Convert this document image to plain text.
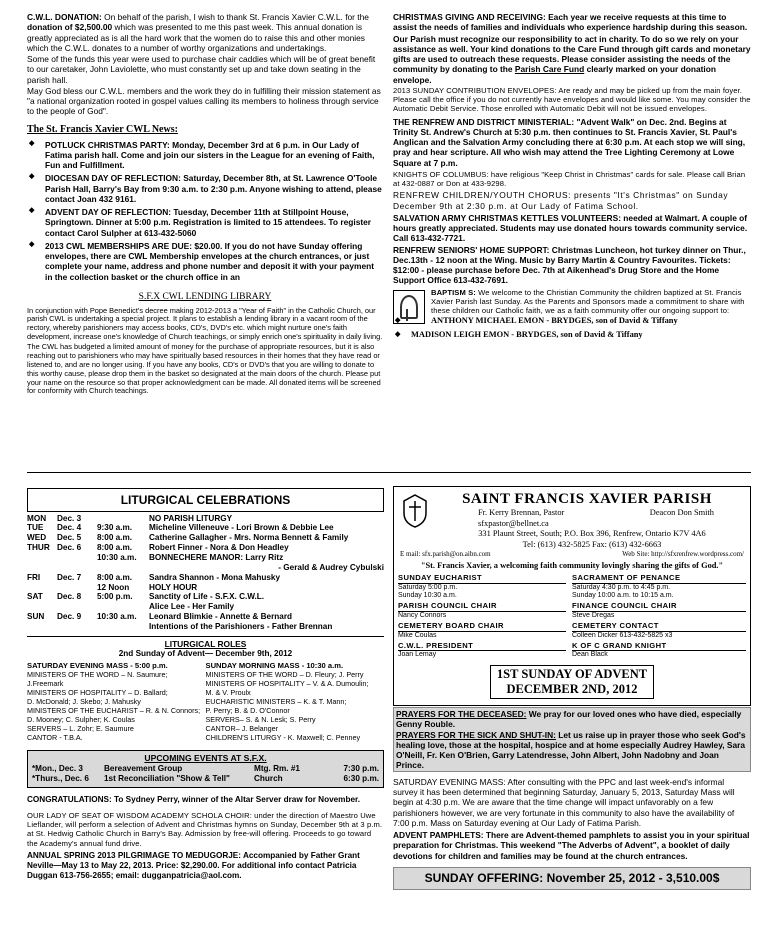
C.W.L. DONATION: On behalf of the parish, I wish to thank St. Francis Xavier C.W.L. for the donation of $2,500.00 which was presented to me this past week. This annual donation is greatly appreciated as is all the hard work that the women do to raise this and other monies which the C.W.L. donates to a number of worthy organizations and undertakings.

Some of the funds this year were used to purchase chair caddies which will be of great benefit to our caretaker, John Laviolette, who must constantly set up and take down seating in the parish hall.

May God bless our C.W.L. members and the work they do in fulfilling their mission statement as "a national organization rooted in gospel values calling its members to holiness through service to the people of God".

The St. Francis Xavier CWL News:
◆ POTLUCK CHRISTMAS PARTY: Monday, December 3rd at 6 p.m. in Our Lady of Fatima parish hall. Come and join our sisters in the League for an evening of Faith, Fun and Fulfillment.
◆ DIOCESAN DAY OF REFLECTION: Saturday, December 8th, at St. Lawrence O'Toole Parish Hall, Barry's Bay from 9:30 a.m. to 2:30 p.m. Anyone wishing to attend, please contact Joan 432 9161.
◆ ADVENT DAY OF REFLECTION: Tuesday, December 11th at Stillpoint House, Springtown. Dinner at 5:00 p.m. Registration is limited to 15 attendees. To register contact Carol Sulpher at 613-432-5060
◆ 2013 CWL MEMBERSHIPS ARE DUE: $20.00. If you do not have Sunday offering envelopes, there are CWL Membership envelopes at the church entrances, or just complete your name, address and phone number and deposit it with your payment in the collection basket or the church office in an
S.F.X CWL LENDING LIBRARY

In conjunction with Pope Benedict's decree making 2012-2013 a "Year of Faith" in the Catholic Church, our parish CWL is undertaking a special project. It plans to establish a lending library in a vacant room of the rectory, whereby parishioners may access books, CD's, DVD's etc. which might nurture one's faith development, increase one's knowledge of Church teachings, or simply enrich one's spirituality in daily living.

The CWL has budgeted a limited amount of money for the purchase of appropriate resources, but it is also reaching out to parishioners who may have spiritually based resources in their homes that they have read or listened to, and are no longer using. If you have any books, CD's or DVD's that you are willing to donate to this worthy cause, please drop them in the basket so designated at the main doors of the church. Please put your name on the resource so that proper acknowledgment can be made. All donated items will be screened for conformity with Church teachings.

CHRISTMAS GIVING AND RECEIVING: Each year we receive requests at this time to assist the needs of families and individuals who experience hardship during this season.

Our Parish must recognize our responsibility to act in charity. To do so we rely on your assistance as well. Your kind donations to the Care Fund through gift cards and monetary gifts are used to outreach these requests. Please consider assisting the needs of the community by donating to the Parish Care Fund clearly marked on your donation envelope.

2013 SUNDAY CONTRIBUTION ENVELOPES: Are ready and may be picked up from the main foyer. Please call the office if you do not currently have envelopes and would like some. You may consider the Automatic Debit Service. Those enrolled with Automatic Debit will not be issued envelopes.

THE RENFREW AND DISTRICT MINISTERIAL: "Advent Walk" on Dec. 2nd. Begins at Trinity St. Andrew's Church at 5:30 p.m. then continues to St. Francis Xavier, St. Paul's Anglican and the Salvation Army concluding there at 6:30 p.m. At each stop we will sing, pray and hear scripture. All who wish may attend the Tree Lighting Ceremony at Lowe Square at 7 p.m.

KNIGHTS OF COLUMBUS: have religious "Keep Christ in Christmas" cards for sale. Please call Brian at 432-0887 or Don at 433-9298.

RENFREW CHILDREN/YOUTH CHORUS: presents "It's Christmas" on Sunday December 9th at 2:30 p.m. at Our Lady of Fatima School.

SALVATION ARMY CHRISTMAS KETTLES VOLUNTEERS: needed at Walmart. A couple of hours greatly appreciated. Students may use donated hours towards community service. Call 613-432-7721.

RENFREW SENIORS' HOME SUPPORT: Christmas Luncheon, hot turkey dinner on Thur., Dec.13th - 12 noon at the Wing. Music by Barry Martin & Country Favourites. Tickets: $12:00 - please purchase before Dec. 7th at Aikenhead's Drug Store and the Home Support Office 613-432-7691.

BAPTISM S: We welcome to the Christian Community the children baptized at St. Francis Xavier Parish last Sunday. As the Parents and Sponsors made a commitment to share with these children our Catholic faith, we as a faith community offer our ongoing support to:

◆ ANTHONY MICHAEL EMON - BRYDGES, son of David & Tiffany
◆ MADISON LEIGH EMON - BRYDGES, son of David & Tiffany
LITURGICAL CELEBRATIONS
MON	Dec. 3	NO PARISH LITURGY
TUE	Dec. 4	9:30 a.m.	Micheline Villeneuve - Lori Brown & Debbie Lee
WED	Dec. 5	8:00 a.m.	Catherine Gallagher - Mrs. Norma Bennett & Family
THUR Dec. 6	8:00 a.m.	Robert Finner - Nora & Don Headley
10:30 a.m.	BONNECHERE MANOR: Larry Ritz
- Gerald & Audrey Cybulski
FRI	Dec. 7	8:00 a.m.	Sandra Shannon - Mona Mahusky
12 Noon	HOLY HOUR
SAT	Dec. 8	5:00 p.m.	Sanctity of Life - S.F.X. C.W.L.
Alice Lee - Her Family
SUN	Dec. 9	10:30 a.m.	Leonard Blimkie - Annette & Bernard
Intentions of the Parishioners - Father Brennan
LITURGICAL ROLES
2nd Sunday of Advent— December 9th, 2012
SATURDAY EVENING MASS - 5:00 p.m.
MINISTERS OF THE WORD – N. Saumure; J.Freemark
MINISTERS OF HOSPITALITY – D. Ballard;
D. McDonald; J. Skebo; J. Mahusky
MINISTERS OF THE EUCHARIST – R. & N. Connors;
D. Mooney; C. Sulpher; K. Coulas
SERVERS – L. Zohr; E. Saumure
CANTOR - T.B.A.
SUNDAY MORNING MASS - 10:30 a.m.
MINISTERS OF THE WORD – D. Fleury; J. Perry
MINISTERS OF HOSPITALITY – V. & A. Dumoulin;
M. & V. Proulx
EUCHARISTIC MINISTERS – K. & T. Mann;
P. Perry; B. & D. O'Connor
SERVERS– S. & N. Lesk; S. Perry
CANTOR– J. Belanger
CHILDREN'S LITURGY - K. Maxwell; C. Penney
UPCOMING EVENTS AT S.F.X.
*Mon., Dec. 3	Bereavement Group	Mtg. Rm. #1	7:30 p.m.
*Thurs., Dec. 6	1st Reconciliation "Show & Tell"	Church	6:30 p.m.

CONGRATULATIONS: To Sydney Perry, winner of the Altar Server draw for November.

OUR LADY OF SEAT OF WISDOM ACADEMY SCHOLA CHOIR: under the direction of Maestro Uwe Lieflander, will perform a selection of Advent and Christmas hymns on Sunday, December 9th at 3 p.m. at St. Hedwig Catholic Church in Barry's Bay. Admission by free-will offering. Proceeds to go toward the Academy's annual fund drive.

ANNUAL SPRING 2013 PILGRIMAGE TO MEDUGORJE: Accompanied by Father Grant Neville—May 13 to May 22, 2013. Price: $2,290.00. For additional info contact Patricia Duggan 613-756-2655; email: dugganpatricia@aol.com.

SAINT FRANCIS XAVIER PARISH
Fr. Kerry Brennan, Pastor	Deacon Don Smith
sfxpastor@bellnet.ca
331 Plaunt Street, South; P.O. Box 396, Renfrew, Ontario K7V 4A6
Tel: (613) 432-5825 Fax: (613) 432-6663
E mail: sfx.parish@on.aibn.com	Web Site: http://sfxrenfrew.wordpress.com/
"St. Francis Xavier, a welcoming faith community lovingly sharing the gifts of God."
SUNDAY EUCHARIST
Saturday 5:00 p.m.
Sunday 10:30 a.m.
SACRAMENT OF PENANCE
Saturday 4:30 p.m. to 4:45 p.m.
Sunday 10:00 a.m. to 10:15 a.m.
PARISH COUNCIL CHAIR
Nancy Connors
FINANCE COUNCIL CHAIR
Steve Dregas
CEMETERY BOARD CHAIR
Mike Coulas
CEMETERY CONTACT
Colleen Dicker 613-432-5825 x3
C.W.L. PRESIDENT
Joan Lemay
K OF C GRAND KNIGHT
Dean Black
1ST SUNDAY OF ADVENT
DECEMBER 2ND, 2012
PRAYERS FOR THE DECEASED: We pray for our loved ones who have died, especially Genny Rouble.
PRAYERS FOR THE SICK AND SHUT-IN: Let us raise up in prayer those who seek God's healing love, those at the hospital, hospice and at home especially Audrey Hawley, Sara O'Neill, Fr. Ken O'Brien, Garry Latendresse, John Albert, John Nadobny and Joan Prince.

SATURDAY EVENING MASS: After consulting with the PPC and last week-end's informal survey it has been determined that beginning Saturday, January 5, 2013, Saturday Mass will begin at 4:30 p.m. We are aware that the time change will impact unfavorably on a few parishioners however, we are very fortunate in this community to also have the availability of 7:00 p.m. Mass on Saturday evening at Our Lady of Fatima Parish.

ADVENT PAMPHLETS: There are Advent-themed pamphlets to assist you in your spiritual preparation for Christmas. This weekend "The Adverbs of Advent", a booklet of daily devotions for children and families may be found at the church entrances.

SUNDAY OFFERING: November 25, 2012 - 3,510.00$
